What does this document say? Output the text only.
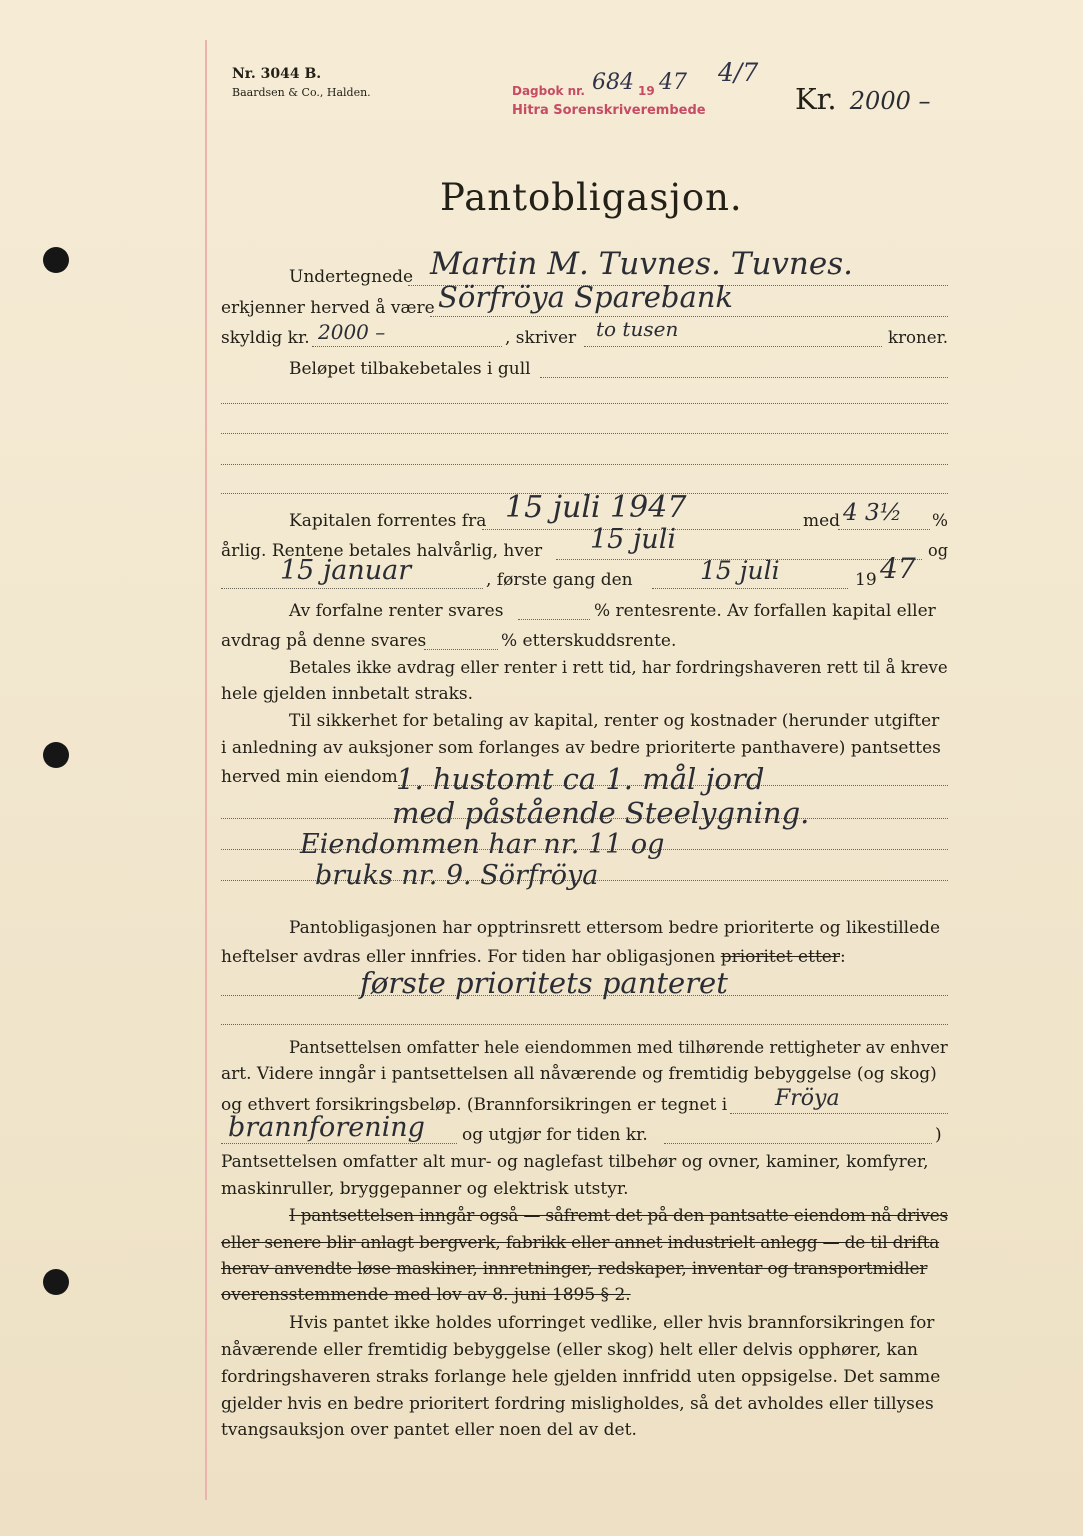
Nr. 3044 B.
Baardsen & Co., Halden.	Dagbok nr. 684 19 47 4/7
Hitra Sorenskriverembede	Kr. 2000 –
Pantobligasjon.
Undertegnede Martin M. Tuvnes. Tuvnes.
erkjenner herved å være Sörfröya Sparebank
skyldig kr. 2000 –	, skriver to tusen	kroner.
Beløpet tilbakebetales i gull
Kapitalen forrentes fra 15 juli 1947	med 4 3½ %
årlig. Rentene betales halvårlig, hver 15 juli	og
15 januar	, første gang den	15 juli	19 47
Av forfalne renter svares	% rentesrente. Av forfallen kapital eller
avdrag på denne svares	% etterskuddsrente.
Betales ikke avdrag eller renter i rett tid, har fordringshaveren rett til å kreve
hele gjelden innbetalt straks.
Til sikkerhet for betaling av kapital, renter og kostnader (herunder utgifter
i anledning av auksjoner som forlanges av bedre prioriterte panthavere) pantsettes
herved min eiendom
1. hustomt ca 1. mål jord
med påstående Steelygning.
Eiendommen har nr. 11 og
bruks nr. 9. Sörfröya
Pantobligasjonen har opptrinsrett ettersom bedre prioriterte og likestillede
heftelser avdras eller innfries. For tiden har obligasjonen prioritet etter:
første prioritets panteret
Pantsettelsen omfatter hele eiendommen med tilhørende rettigheter av enhver
art. Videre inngår i pantsettelsen all nåværende og fremtidig bebyggelse (og skog)
og ethvert forsikringsbeløp. (Brannforsikringen er tegnet i Fröya
brannforening og utgjør for tiden kr.	)
Pantsettelsen omfatter alt mur- og naglefast tilbehør og ovner, kaminer, komfyrer,
maskinruller, bryggepanner og elektrisk utstyr.
I pantsettelsen inngår også — såfremt det på den pantsatte eiendom nå drives
eller senere blir anlagt bergverk, fabrikk eller annet industrielt anlegg — de til drifta
herav anvendte løse maskiner, innretninger, redskaper, inventar og transportmidler
overensstemmende med lov av 8. juni 1895 § 2.
Hvis pantet ikke holdes uforringet vedlike, eller hvis brannforsikringen for
nåværende eller fremtidig bebyggelse (eller skog) helt eller delvis opphører, kan
fordringshaveren straks forlange hele gjelden innfridd uten oppsigelse. Det samme
gjelder hvis en bedre prioritert fordring misligholdes, så det avholdes eller tillyses
tvangsauksjon over pantet eller noen del av det.
